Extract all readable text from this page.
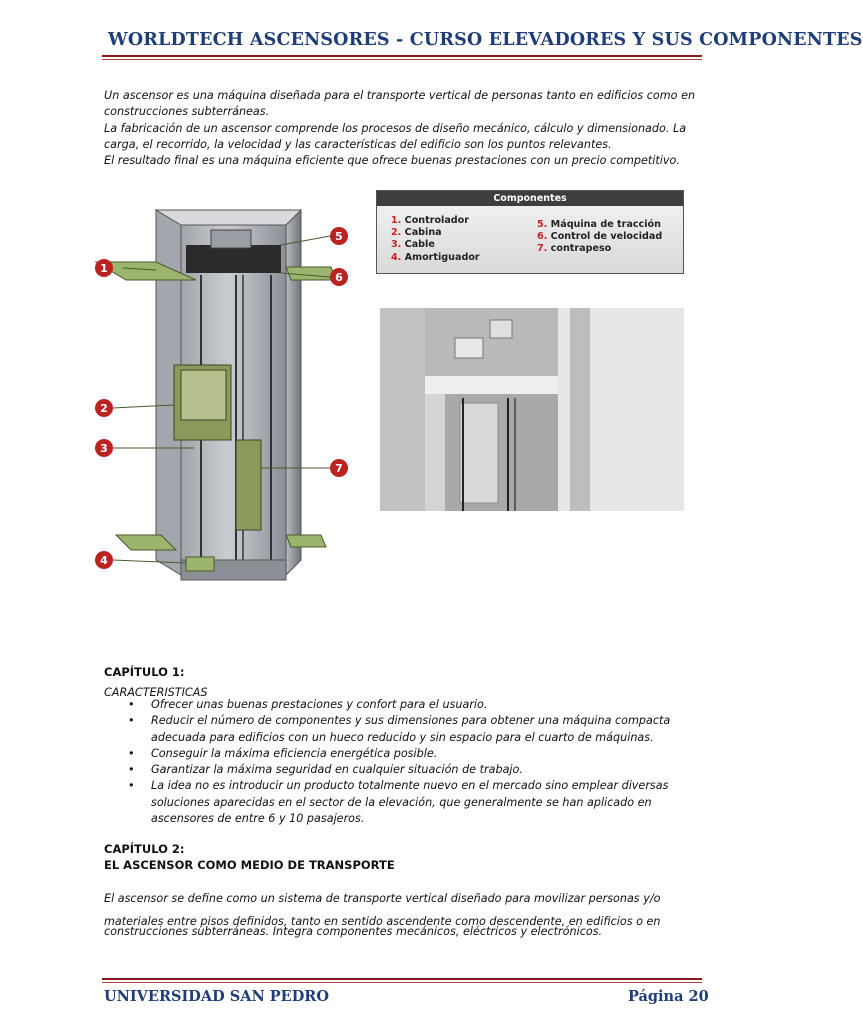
WORLDTECH ASCENSORES - CURSO ELEVADORES Y SUS COMPONENTES

Un ascensor es una máquina diseñada para el transporte vertical de personas tanto en edificios como en construcciones subterráneas.

La fabricación de un ascensor comprende los procesos de diseño mecánico, cálculo y dimensionado. La carga, el recorrido, la velocidad y las características del edificio son los puntos relevantes.

El resultado final es una máquina eficiente que ofrece buenas prestaciones con un precio competitivo.

1
2
3
4
5
6
7
Componentes
1. Controlador
2. Cabina
3. Cable
4. Amortiguador
5. Máquina de tracción
6. Control de velocidad
7. contrapeso
CAPÍTULO 1:
CARACTERISTICAS
• Ofrecer unas buenas prestaciones y confort para el usuario.
• Reducir el número de componentes y sus dimensiones para obtener una máquina compacta adecuada para edificios con un hueco reducido y sin espacio para el cuarto de máquinas.
• Conseguir la máxima eficiencia energética posible.
• Garantizar la máxima seguridad en cualquier situación de trabajo.
• La idea no es introducir un producto totalmente nuevo en el mercado sino emplear diversas soluciones aparecidas en el sector de la elevación, que generalmente se han aplicado en ascensores de entre 6 y 10 pasajeros.
CAPÍTULO 2:
EL ASCENSOR COMO MEDIO DE TRANSPORTE
El ascensor se define como un sistema de transporte vertical diseñado para movilizar personas y/o
materiales entre pisos definidos, tanto en sentido ascendente como descendente, en edificios o en
construcciones subterráneas. Integra componentes mecánicos, eléctricos y electrónicos.
UNIVERSIDAD SAN PEDRO	Página 20
